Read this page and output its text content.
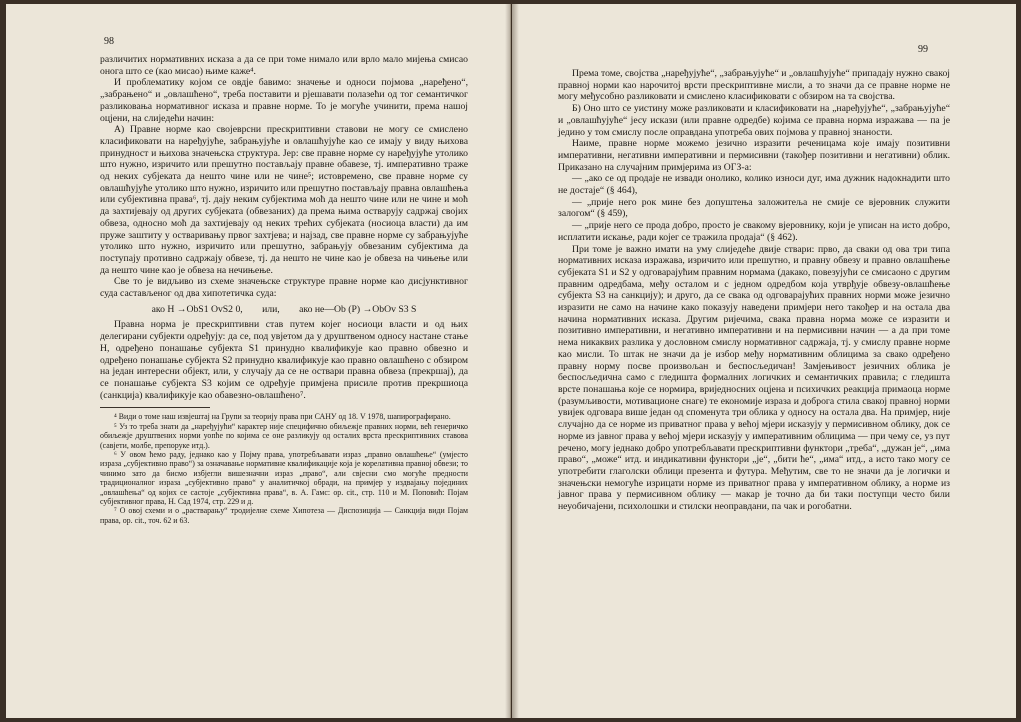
98
99

различитих нормативних исказа а да се при томе нимало или врло мало мијења смисао онога што се (као мисао) њиме каже⁴.

И проблематику којом се овдје бавимо: значење и односи појмова „наређено“, „забрањено“ и „овлашћено“, треба поставити и рјешавати полазећи од тог семантичког разликовања нормативног исказа и правне норме. То је могуће учинити, према нашој оцјени, на слиједећи начин:

А) Правне норме као својеврсни прескриптивни ставови не могу се смислено класификовати на наређујуће, забрањујуће и овлашћујуће као се имају у виду њихова принудност и њихова значењска структура. Јер: све правне норме су наређујуће утолико што нужно, изричито или прешутно постављају правне обавезе, тј. императивно траже од неких субјеката да нешто чине или не чине⁵; истовремено, све правне норме су овлашћујуће утолико што нужно, изричито или прешутно постављају правна овлашћења или субјективна права⁶, тј. дају неким субјектима моћ да нешто чине или не чине и моћ да захтијевају од других субјеката (обвезаних) да према њима остварују садржај својих обвеза, односно моћ да захтијевају од неких трећих субјеката (носиоца власти) да им пруже заштиту у остваривању првог захтјева; и најзад, све правне норме су забрањујуће утолико што нужно, изричито или прешутно, забрањују обвезаним субјектима да поступају противно садржају обвезе, тј. да нешто не чине као је обвеза на чињење или да нешто чине као је обвеза на нечињење.

Све то је видљиво из схеме значењске структуре правне норме као дисјунктивног суда састављеног од два хипотетичка суда:

ако H →ObS1 OvS2 0, или, ако не—Ob (P) →ObOv S3 S

Правна норма је прескриптивни став путем којег носиоци власти и од њих делегирани субјекти одређују: да се, под увјетом да у друштвеном односу настане стање H, одређено понашање субјекта S1 принудно квалификује као правно обвезно и одређено понашање субјекта S2 принудно квалификује као правно овлашћено с обзиром на један интересни објект, или, у случају да се не оствари правна обвеза (прекршај), да се понашање субјекта S3 којим се одређује примјена присиле против прекршиоца (санкција) квалификује као обавезно-овлашћено⁷.

⁴ Види о томе наш извјештај на Групи за теорију права при САНУ од 18. V 1978, шапирографирано.

⁵ Уз то треба знати да „наређујући“ карактер није специфично обиљежје правних норми, већ генеричко обиљежје друштвених норми уопће по којима се оне разликују од осталих врста прескриптивних ставова (савјети, молбе, препоруке итд.).

⁶ У овом ћемо раду, једнако као у Појму права, употребљавати израз „правно овлашћење“ (умјесто израза „субјективно право“) за означавање нормативне квалификације која је корелативна правној обвези; то чинимо зато да бисмо избјегли вишезначни израз „право“, али свјесни смо могуће предности традиционалног израза „субјективно право“ у аналитичкој обради, на примјер у издвајању појединих „овлашћења“ од којих се састоје „субјективна права“, в. А. Гамс: op. cit., стр. 110 и М. Поповић: Појам субјективног права, Н. Сад 1974, стр. 229 и д.

⁷ О овој схеми и о „растварању“ тродијелне схеме Хипотеза — Диспозиција — Санкција види Појам права, op. cit., точ. 62 и 63.

Према томе, својства „наређујуће“, „забрањујуће“ и „овлашћујуће“ припадају нужно свакој правној норми као нарочитој врсти прескриптивне мисли, а то значи да се правне норме не могу међусобно разликовати и смислено класификовати с обзиром на та својства.

Б) Оно што се уистину може разликовати и класификовати на „наређујуће“, „забрањујуће“ и „овлашћујуће“ јесу искази (или правне одредбе) којима се правна норма изражава — па је једино у том смислу после оправдана употреба ових појмова у правној знаности.

Наиме, правне норме можемо језично изразити реченицама које имају позитивни императивни, негативни императивни и пермисивни (такођер позитивни и негативни) облик. Приказано на случајним примјерима из ОГЗ-а:

— „ако се од продаје не извади онолико, колико износи дуг, има дужник надокнадити што не достаје“ (§ 464),

— „прије него рок мине без допуштења заложитеља не смије се вјеровник служити залогом“ (§ 459),

— „прије него се прода добро, просто је свакому вјеровнику, који је уписан на исто добро, исплатити искање, ради којег се тражила продаја“ (§ 462).

При томе је важно имати на уму слиједеће двије ствари: прво, да сваки од ова три типа нормативних исказа изражава, изричито или прешутно, и правну обвезу и правно овлашћење субјеката S1 и S2 у одговарајућим правним нормама (дакако, повезујући се смисаоно с другим правним одредбама, међу осталом и с једном одредбом која утврђује обвезу-овлашћење субјекта S3 на санкцију); и друго, да се свака од одговарајућих правних норми може језично изразити не само на начине како показују наведени примјери него такођер и на остала два начина нормативних исказа. Другим ријечима, свака правна норма може се изразити и позитивно императивни, и негативно императивни и на пермисивни начин — а да при томе нема никаквих разлика у дословном смислу нормативног садржаја, тј. у смислу правне норме као мисли. То штак не значи да је избор међу нормативним облицима за свако одређено правну норму посве произвољан и беспосљедичан! Замјењивост језичних облика је беспосљедична само с гледишта формалних логичких и семантичких правила; с гледишта врсте понашања које се нормира, вриједносних оцјена и психичких реакција примаоца норме (разумљивости, мотивационе снаге) те економије израза и доброга стила свакој правној норми увијек одговара више један од споменута три облика у односу на остала два. На примјер, није случајно да се норме из приватног права у већој мјери исказују у пермисивном облику, док се норме из јавног права у већој мјери исказују у императивним облицима — при чему се, уз пут речено, могу једнако добро употребљавати прескриптивни функтори „треба“, „дужан је“, „има право“, „може“ итд. и индикативни функтори „је“, „бити ће“, „има“ итд., а исто тако могу се употребити глаголски облици презента и футура. Међутим, све то не значи да је логички и значењски немогуће изрицати норме из приватног права у императивном облику, а норме из јавног права у пермисивном облику — макар је точно да би таки поступци често били неуобичајени, психолошки и стилски неоправдани, па чак и рогобатни.
